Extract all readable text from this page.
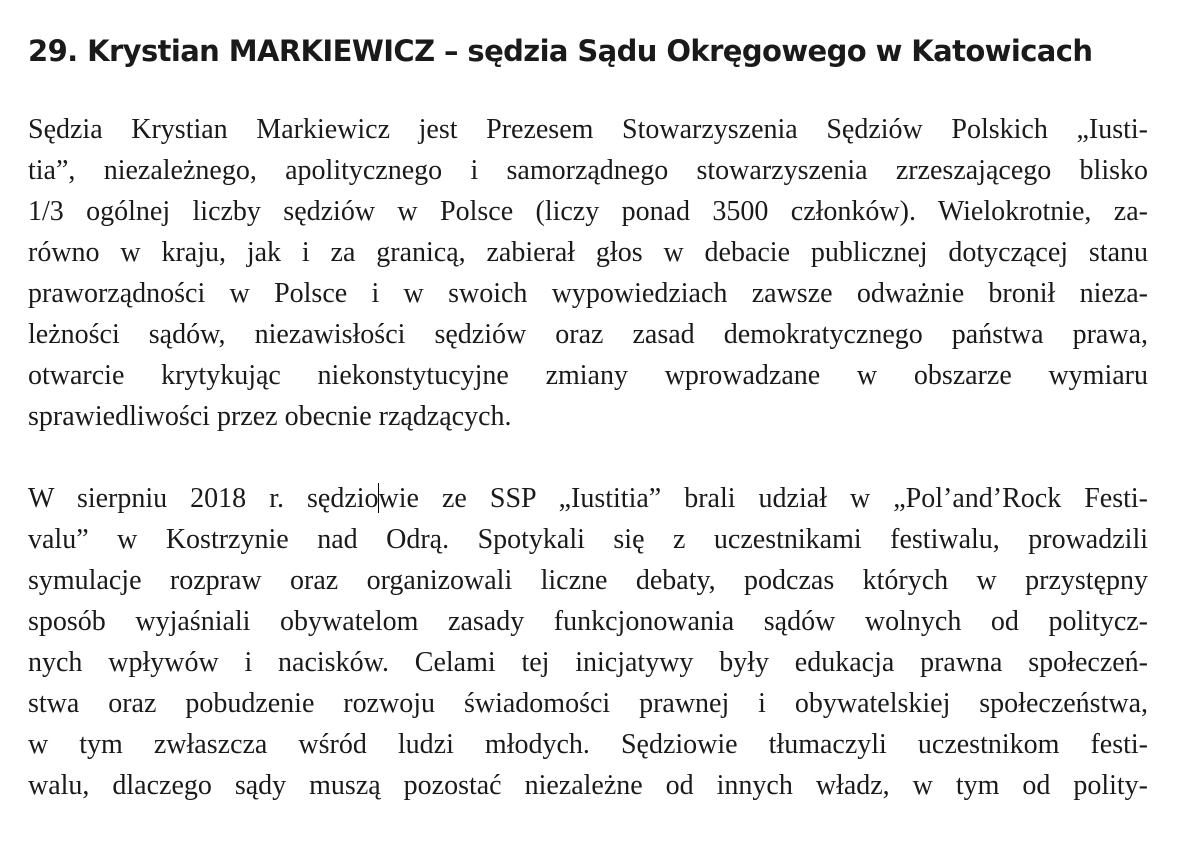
29. Krystian MARKIEWICZ – sędzia Sądu Okręgowego w Katowicach

Sędzia Krystian Markiewicz jest Prezesem Stowarzyszenia Sędziów Polskich „Iusti-
tia”, niezależnego, apolitycznego i samorządnego stowarzyszenia zrzeszającego blisko
1/3 ogólnej liczby sędziów w Polsce (liczy ponad 3500 członków). Wielokrotnie, za-
równo w kraju, jak i za granicą, zabierał głos w debacie publicznej dotyczącej stanu
praworządności w Polsce i w swoich wypowiedziach zawsze odważnie bronił nieza-
leżności sądów, niezawisłości sędziów oraz zasad demokratycznego państwa prawa,
otwarcie krytykując niekonstytucyjne zmiany wprowadzane w obszarze wymiaru
sprawiedliwości przez obecnie rządzących.

W sierpniu 2018 r. sędziowie ze SSP „Iustitia” brali udział w „Pol’and’Rock Festi-
valu” w Kostrzynie nad Odrą. Spotykali się z uczestnikami festiwalu, prowadzili
symulacje rozpraw oraz organizowali liczne debaty, podczas których w przystępny
sposób wyjaśniali obywatelom zasady funkcjonowania sądów wolnych od politycz-
nych wpływów i nacisków. Celami tej inicjatywy były edukacja prawna społeczeń-
stwa oraz pobudzenie rozwoju świadomości prawnej i obywatelskiej społeczeństwa,
w tym zwłaszcza wśród ludzi młodych. Sędziowie tłumaczyli uczestnikom festi-
walu, dlaczego sądy muszą pozostać niezależne od innych władz, w tym od polity-
